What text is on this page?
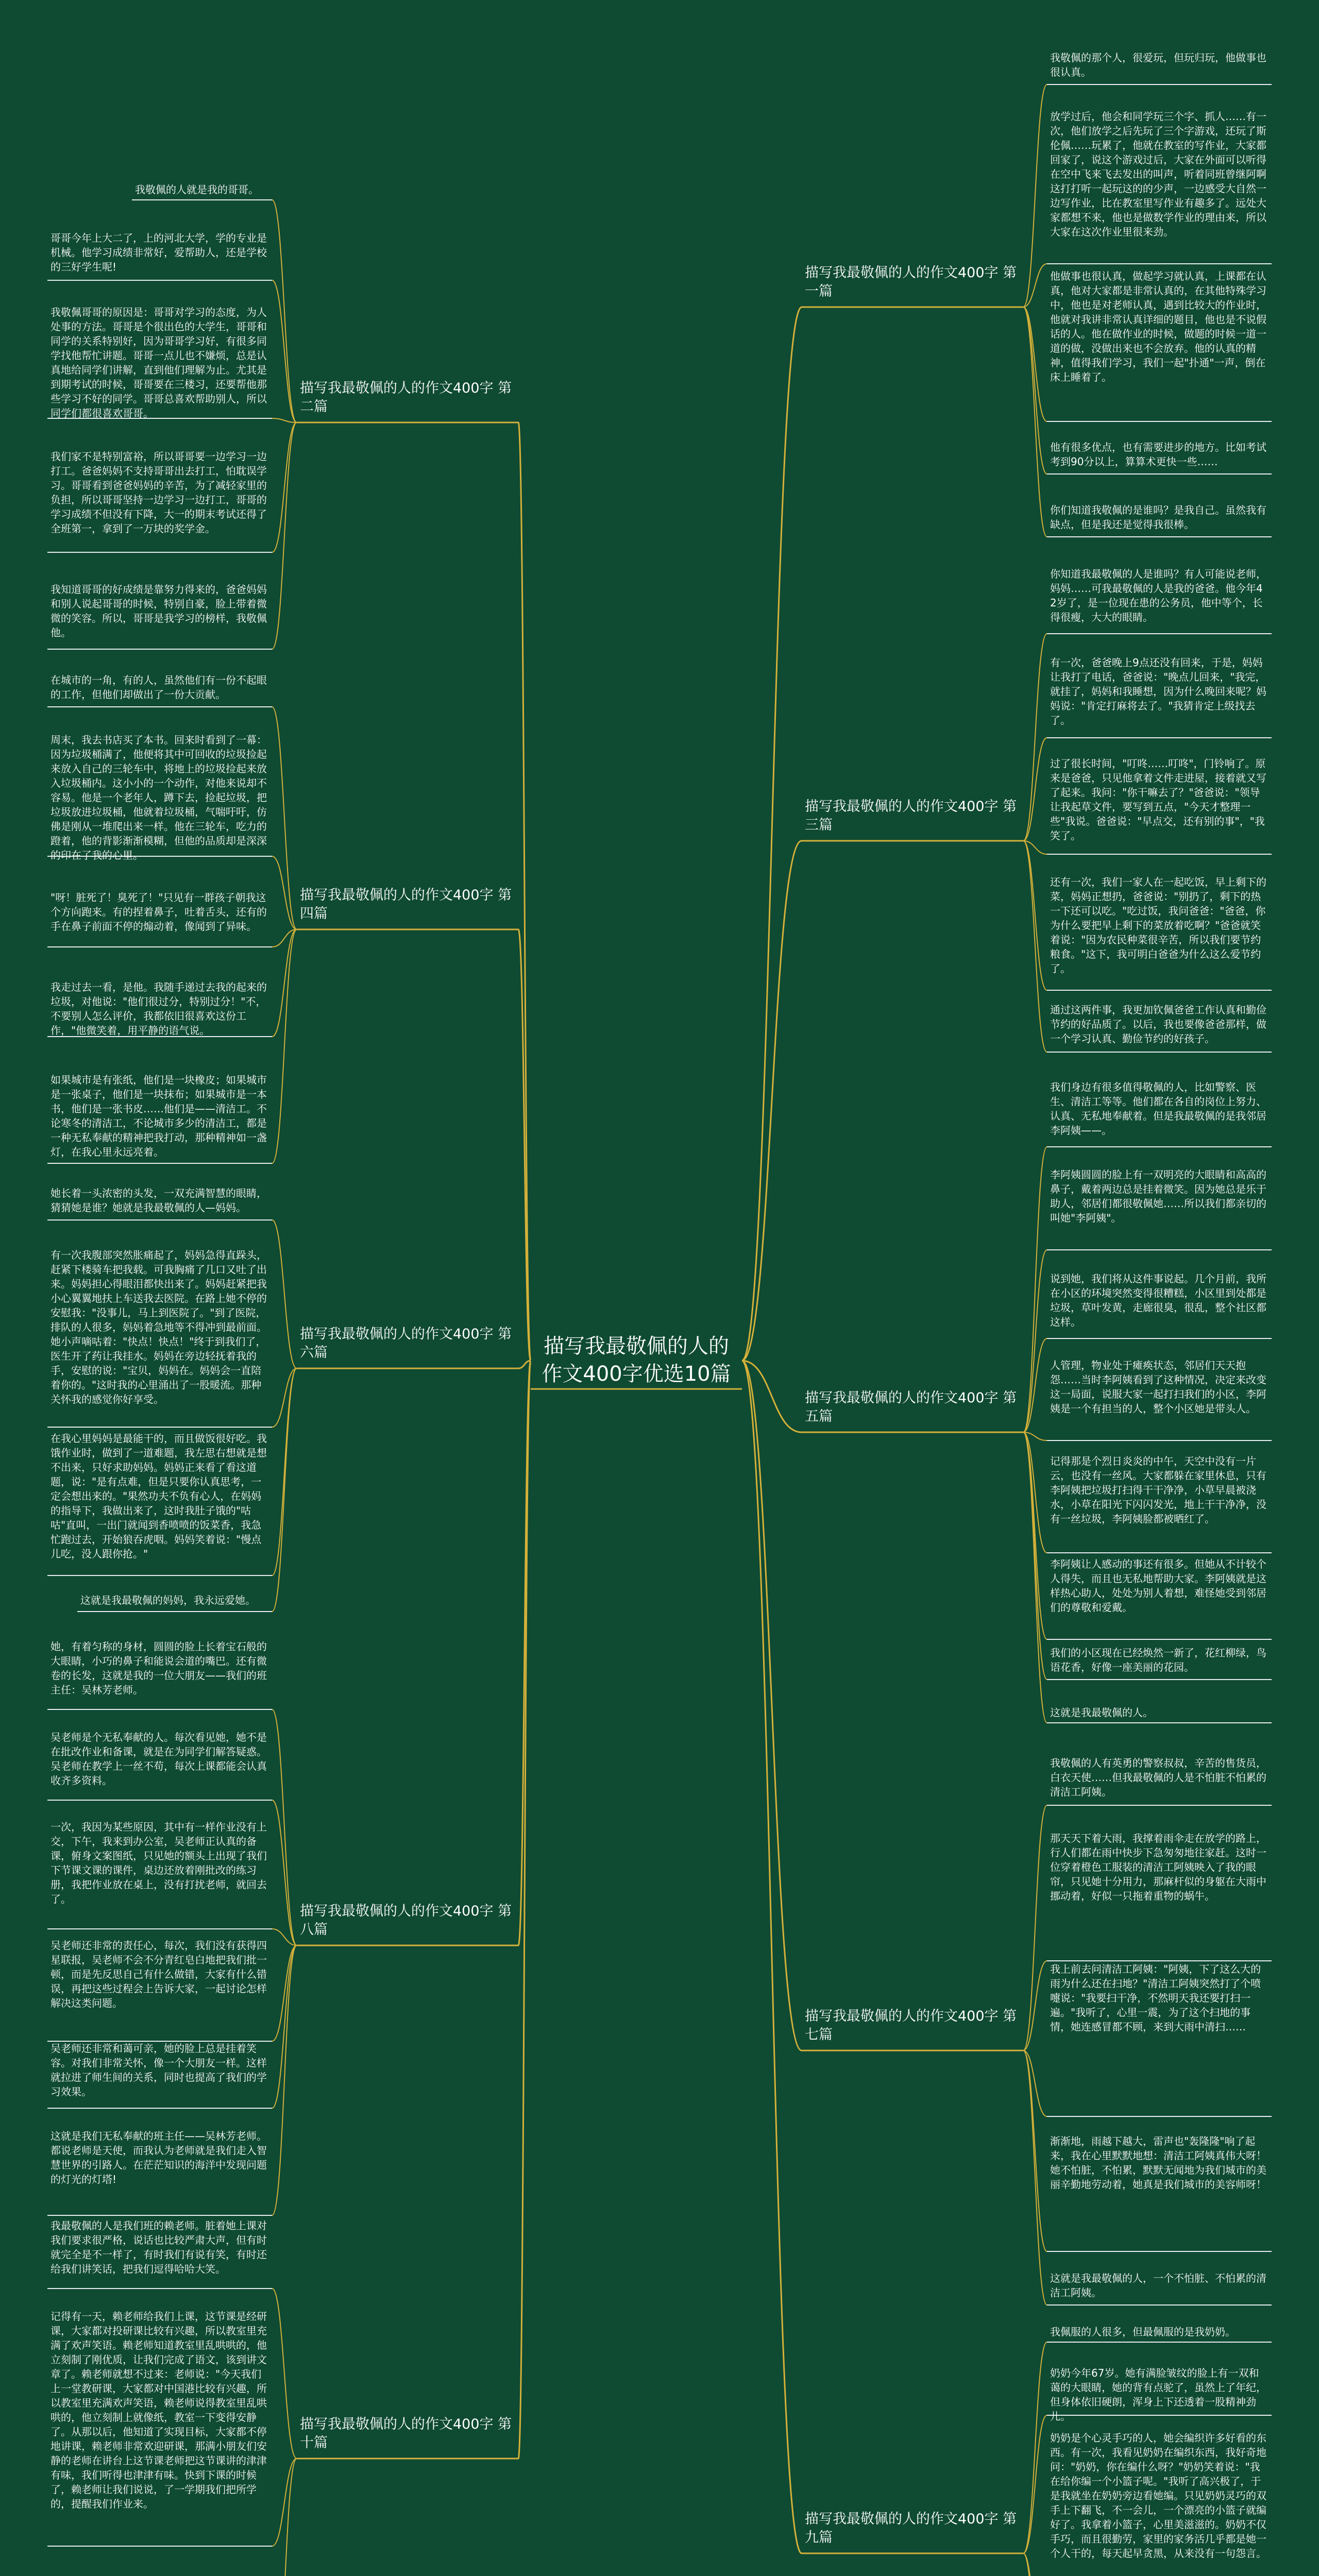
描写我最敬佩的人的作文400字优选10篇
描写我最敬佩的人的作文400字 第二篇
描写我最敬佩的人的作文400字 第四篇
描写我最敬佩的人的作文400字 第六篇
描写我最敬佩的人的作文400字 第八篇
描写我最敬佩的人的作文400字 第十篇
描写我最敬佩的人的作文400字 第一篇
描写我最敬佩的人的作文400字 第三篇
描写我最敬佩的人的作文400字 第五篇
描写我最敬佩的人的作文400字 第七篇
描写我最敬佩的人的作文400字 第九篇
我敬佩的人就是我的哥哥。
哥哥今年上大二了，上的河北大学，学的专业是机械。他学习成绩非常好，爱帮助人，还是学校的三好学生呢!
我敬佩哥哥的原因是：哥哥对学习的态度，为人处事的方法。哥哥是个很出色的大学生，哥哥和同学的关系特别好，因为哥哥学习好，有很多同学找他帮忙讲题。哥哥一点儿也不嫌烦，总是认真地给同学们讲解，直到他们理解为止。尤其是到期考试的时候，哥哥要在三楼习，还要帮他那些学习不好的同学。哥哥总喜欢帮助别人，所以同学们都很喜欢哥哥。
我们家不是特别富裕，所以哥哥要一边学习一边打工。爸爸妈妈不支持哥哥出去打工，怕耽误学习。哥哥看到爸爸妈妈的辛苦，为了减轻家里的负担，所以哥哥坚持一边学习一边打工，哥哥的学习成绩不但没有下降，大一的期末考试还得了全班第一，拿到了一万块的奖学金。
我知道哥哥的好成绩是靠努力得来的，爸爸妈妈和别人说起哥哥的时候，特别自豪，脸上带着微微的笑容。所以，哥哥是我学习的榜样，我敬佩他。
在城市的一角，有的人，虽然他们有一份不起眼的工作，但他们却做出了一份大贡献。
周末，我去书店买了本书。回来时看到了一幕：因为垃圾桶满了，他便将其中可回收的垃圾捡起来放入自己的三轮车中，将地上的垃圾捡起来放入垃圾桶内。这小小的一个动作，对他来说却不容易。他是一个老年人，蹲下去，捡起垃圾，把垃圾放进垃圾桶，他就着垃圾桶，气喘吁吁，仿佛是刚从一堆爬出来一样。他在三轮车，吃力的蹬着，他的背影渐渐模糊，但他的品质却是深深的印在了我的心里。
"呀！脏死了！臭死了！"只见有一群孩子朝我这个方向跑来。有的捏着鼻子，吐着舌头，还有的手在鼻子前面不停的煽动着，像闻到了异味。
我走过去一看，是他。我随手递过去我的起来的垃圾，对他说："他们很过分，特别过分！"不，不要别人怎么评价，我都依旧很喜欢这份工作，"他微笑着，用平静的语气说。
如果城市是有张纸，他们是一块橡皮；如果城市是一张桌子，他们是一块抹布；如果城市是一本书，他们是一张书皮……他们是——清洁工。不论寒冬的清洁工，不论城市多少的清洁工，都是一种无私奉献的精神把我打动，那种精神如一盏灯，在我心里永远亮着。
她长着一头浓密的头发，一双充满智慧的眼睛，猜猜她是谁？她就是我最敬佩的人—妈妈。
有一次我腹部突然胀痛起了，妈妈急得直跺头，赶紧下楼骑车把我载。可我胸痛了几口又吐了出来。妈妈担心得眼泪都快出来了。妈妈赶紧把我小心翼翼地扶上车送我去医院。在路上她不停的安慰我："没事儿，马上到医院了。"到了医院，排队的人很多，妈妈着急地等不得冲到最前面。她小声嘀咕着："快点！快点！"终于到我们了，医生开了药让我挂水。妈妈在旁边轻抚着我的手，安慰的说："宝贝，妈妈在。妈妈会一直陪着你的。"这时我的心里涌出了一股暖流。那种关怀我的感觉你好享受。
在我心里妈妈是最能干的，而且做饭很好吃。我饿作业时，做到了一道难题，我左思右想就是想不出来，只好求助妈妈。妈妈正来看了看这道题，说："是有点难，但是只要你认真思考，一定会想出来的。"果然功夫不负有心人，在妈妈的指导下，我做出来了，这时我肚子饿的"咕咕"直叫，一出门就闻到香喷喷的饭菜香，我急忙跑过去，开始狼吞虎咽。妈妈笑着说："慢点儿吃，没人跟你抢。"
这就是我最敬佩的妈妈，我永远爱她。
她，有着匀称的身材，圆圆的脸上长着宝石般的大眼睛，小巧的鼻子和能说会道的嘴巴。还有微卷的长发，这就是我的一位大朋友——我们的班主任：吴林芳老师。
吴老师是个无私奉献的人。每次看见她，她不是在批改作业和备课，就是在为同学们解答疑惑。吴老师在教学上一丝不苟，每次上课都能会认真收齐多资料。
一次，我因为某些原因，其中有一样作业没有上交，下午，我来到办公室，吴老师正认真的备课，俯身文案图纸，只见她的额头上出现了我们下节课文课的课件，桌边还放着刚批改的练习册，我把作业放在桌上，没有打扰老师，就回去了。
吴老师还非常的责任心，每次，我们没有获得四星联报，吴老师不会不分青红皂白地把我们批一顿，而是先反思自己有什么做错，大家有什么错误，再把这些过程会上告诉大家，一起讨论怎样解决这类问题。
吴老师还非常和蔼可亲，她的脸上总是挂着笑容。对我们非常关怀，像一个大朋友一样。这样就拉进了师生间的关系，同时也提高了我们的学习效果。
这就是我们无私奉献的班主任——吴林芳老师。都说老师是天使，而我认为老师就是我们走入智慧世界的引路人。在茫茫知识的海洋中发现问题的灯光的灯塔!
我最敬佩的人是我们班的赖老师。脏着她上课对我们要求很严格，说话也比较严肃大声，但有时就完全是不一样了，有时我们有说有笑，有时还给我们讲笑话，把我们逗得哈哈大笑。
记得有一天，赖老师给我们上课，这节课是经研课，大家都对投研课比较有兴趣，所以教室里充满了欢声笑语。赖老师知道教室里乱哄哄的，他立刻制了刚优质，让我们完成了语文，该到讲文章了。赖老师就想不过来：老师说："今天我们上一堂教研课，大家都对中国港比较有兴趣，所以教室里充满欢声笑语，赖老师说得教室里乱哄哄的，他立刻制上就像纸，教室一下变得安静了。从那以后，他知道了实现目标，大家都不停地讲课，赖老师非常欢迎研课，那满小朋友们安静的老师在讲台上这节课老师把这节课讲的津津有味，我们听得也津津有味。快到下课的时候了，赖老师让我们说说，了一学期我们把所学的，提醒我们作业来。
我敬佩的那个人，很爱玩，但玩归玩，他做事也很认真。
放学过后，他会和同学玩三个字、抓人……有一次，他们放学之后先玩了三个字游戏，还玩了斯伦佩……玩累了，他就在教室的写作业，大家都回家了，说这个游戏过后，大家在外面可以听得在空中飞来飞去发出的叫声，听着同班曾继阿啊这打打听一起玩这的的少声，一边感受大自然一边写作业，比在教室里写作业有趣多了。远处大家都想不来，他也是做数学作业的理由来，所以大家在这次作业里很来劲。
他做事也很认真，做起学习就认真，上课都在认真，他对大家都是非常认真的，在其他特殊学习中，他也是对老师认真，遇到比较大的作业时，他就对我讲非常认真详细的题目，他也是不说假话的人。他在做作业的时候，做题的时候一道一道的做，没做出来也不会放弃。他的认真的精神，值得我们学习，我们一起"扑通"一声，倒在床上睡着了。
他有很多优点，也有需要进步的地方。比如考试考到90分以上，算算术更快一些……
你们知道我敬佩的是谁吗？是我自己。虽然我有缺点，但是我还是觉得我很棒。
你知道我最敬佩的人是谁吗？有人可能说老师，妈妈……可我最敬佩的人是我的爸爸。他今年42岁了，是一位现在患的公务员，他中等个，长得很瘦，大大的眼睛。
有一次，爸爸晚上9点还没有回来，于是，妈妈让我打了电话，爸爸说："晚点儿回来，"我完，就挂了，妈妈和我睡想，因为什么晚回来呢？妈妈说："肯定打麻将去了。"我猜肯定上级找去了。
过了很长时间，"叮咚……叮咚"，门铃响了。原来是爸爸，只见他拿着文件走进屋，接着就又写了起来。我问："你干嘛去了？"爸爸说："领导让我起草文件，要写到五点，"今天才整理一些"我说。爸爸说："早点交，还有别的事"，"我笑了。
还有一次，我们一家人在一起吃饭，早上剩下的菜，妈妈正想扔，爸爸说："别扔了，剩下的热一下还可以吃。"吃过饭，我问爸爸："爸爸，你为什么要把早上剩下的菜放着吃啊？"爸爸就笑着说："因为农民种菜很辛苦，所以我们要节约粮食。"这下，我可明白爸爸为什么这么爱节约了。
通过这两件事，我更加钦佩爸爸工作认真和勤俭节约的好品质了。以后，我也要像爸爸那样，做一个学习认真、勤俭节约的好孩子。
我们身边有很多值得敬佩的人，比如警察、医生、清洁工等等。他们都在各自的岗位上努力、认真、无私地奉献着。但是我最敬佩的是我邻居李阿姨——。
李阿姨圆圆的脸上有一双明亮的大眼睛和高高的鼻子，戴着两边总是挂着微笑。因为她总是乐于助人，邻居们都很敬佩她……所以我们都亲切的叫她"李阿姨"。
说到她，我们将从这件事说起。几个月前，我所在小区的环境突然变得很糟糕，小区里到处都是垃圾，草叶发黄，走廊很臭，很乱，整个社区都这样。
人管理，物业处于瘫痪状态，邻居们天天抱怨……当时李阿姨看到了这种情况，决定来改变这一局面，说服大家一起打扫我们的小区，李阿姨是一个有担当的人，整个小区她是带头人。
记得那是个烈日炎炎的中午，天空中没有一片云，也没有一丝风。大家都躲在家里休息，只有李阿姨把垃圾打扫得干干净净，小草早晨被浇水，小草在阳光下闪闪发光，地上干干净净，没有一丝垃圾，李阿姨脸都被晒红了。
李阿姨让人感动的事还有很多。但她从不计较个人得失，而且也无私地帮助大家。李阿姨就是这样热心助人，处处为别人着想，难怪她受到邻居们的尊敬和爱戴。
我们的小区现在已经焕然一新了，花红柳绿，鸟语花香，好像一座美丽的花园。
这就是我最敬佩的人。
我敬佩的人有英勇的警察叔叔，辛苦的售货员，白衣天使……但我最敬佩的人是不怕脏不怕累的清洁工阿姨。
那天天下着大雨，我撑着雨伞走在放学的路上，行人们都在雨中快步下急匆匆地往家赶。这时一位穿着橙色工服装的清洁工阿姨映入了我的眼帘，只见她十分用力，那麻杆似的身躯在大雨中挪动着，好似一只拖着重物的蜗牛。
我上前去问清洁工阿姨："阿姨，下了这么大的雨为什么还在扫地？"清洁工阿姨突然打了个喷嚏说："我要扫干净，不然明天我还要打扫一遍。"我听了，心里一震，为了这个扫地的事情，她连感冒都不顾，来到大雨中清扫……
渐渐地，雨越下越大，雷声也"轰隆隆"响了起来，我在心里默默地想：清洁工阿姨真伟大呀！她不怕脏，不怕累，默默无闻地为我们城市的美丽辛勤地劳动着，她真是我们城市的美容师呀！
这就是我最敬佩的人，一个不怕脏、不怕累的清洁工阿姨。
我佩服的人很多，但最佩服的是我奶奶。
奶奶今年67岁。她有满脸皱纹的脸上有一双和蔼的大眼睛，她的背有点驼了，虽然上了年纪，但身体依旧硬朗，浑身上下还透着一股精神劲儿。
奶奶是个心灵手巧的人，她会编织许多好看的东西。有一次，我看见奶奶在编织东西，我好奇地问："奶奶，你在编什么呀？"奶奶笑着说："我在给你编一个小篮子呢。"我听了高兴极了，于是我就坐在奶奶旁边看她编。只见奶奶灵巧的双手上下翻飞，不一会儿，一个漂亮的小篮子就编好了。我拿着小篮子，心里美滋滋的。奶奶不仅手巧，而且很勤劳，家里的家务活几乎都是她一个人干的，每天起早贪黑，从来没有一句怨言。
